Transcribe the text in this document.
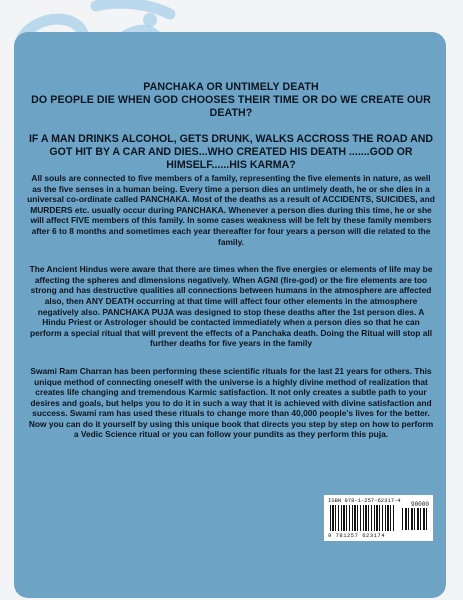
PANCHAKA OR UNTIMELY DEATH
DO PEOPLE DIE WHEN GOD CHOOSES THEIR TIME OR DO WE CREATE OUR DEATH?
IF A MAN DRINKS ALCOHOL, GETS DRUNK, WALKS ACCROSS THE ROAD AND GOT HIT BY A CAR AND DIES...WHO CREATED HIS DEATH .......GOD OR HIMSELF......HIS KARMA?

All souls are connected to five members of a family, representing the five elements in nature, as well as the five senses in a human being. Every time a person dies an untimely death, he or she dies in a universal co-ordinate called PANCHAKA. Most of the deaths as a result of ACCIDENTS, SUICIDES, and MURDERS etc. usually occur during PANCHAKA. Whenever a person dies during this time, he or she will affect FIVE members of this family. In some cases weakness will be felt by these family members after 6 to 8 months and sometimes each year thereafter for four years a person will die related to the family.

The Ancient Hindus were aware that there are times when the five energies or elements of life may be affecting the spheres and dimensions negatively. When AGNI (fire-god) or the fire elements are too strong and has destructive qualities all connections between humans in the atmosphere are affected also, then ANY DEATH occurring at that time will affect four other elements in the atmosphere negatively also. PANCHAKA PUJA was designed to stop these deaths after the 1st person dies. A Hindu Priest or Astrologer should be contacted immediately when a person dies so that he can perform a special ritual that will prevent the effects of a Panchaka death. Doing the Ritual will stop all further deaths for five years in the family

Swami Ram Charran has been performing these scientific rituals for the last 21 years for others. This unique method of connecting oneself with the universe is a highly divine method of realization that creates life changing and tremendous Karmic satisfaction. It not only creates a subtle path to your desires and goals, but helps you to do it in such a way that it is achieved with divine satisfaction and success. Swami ram has used these rituals to change more than 40,000 people's lives for the better. Now you can do it yourself by using this unique book that directs you step by step on how to perform a Vedic Science ritual or you can follow your pundits as they perform this puja.

ISBN 978-1-257-62317-4
90000
9 781257 623174
